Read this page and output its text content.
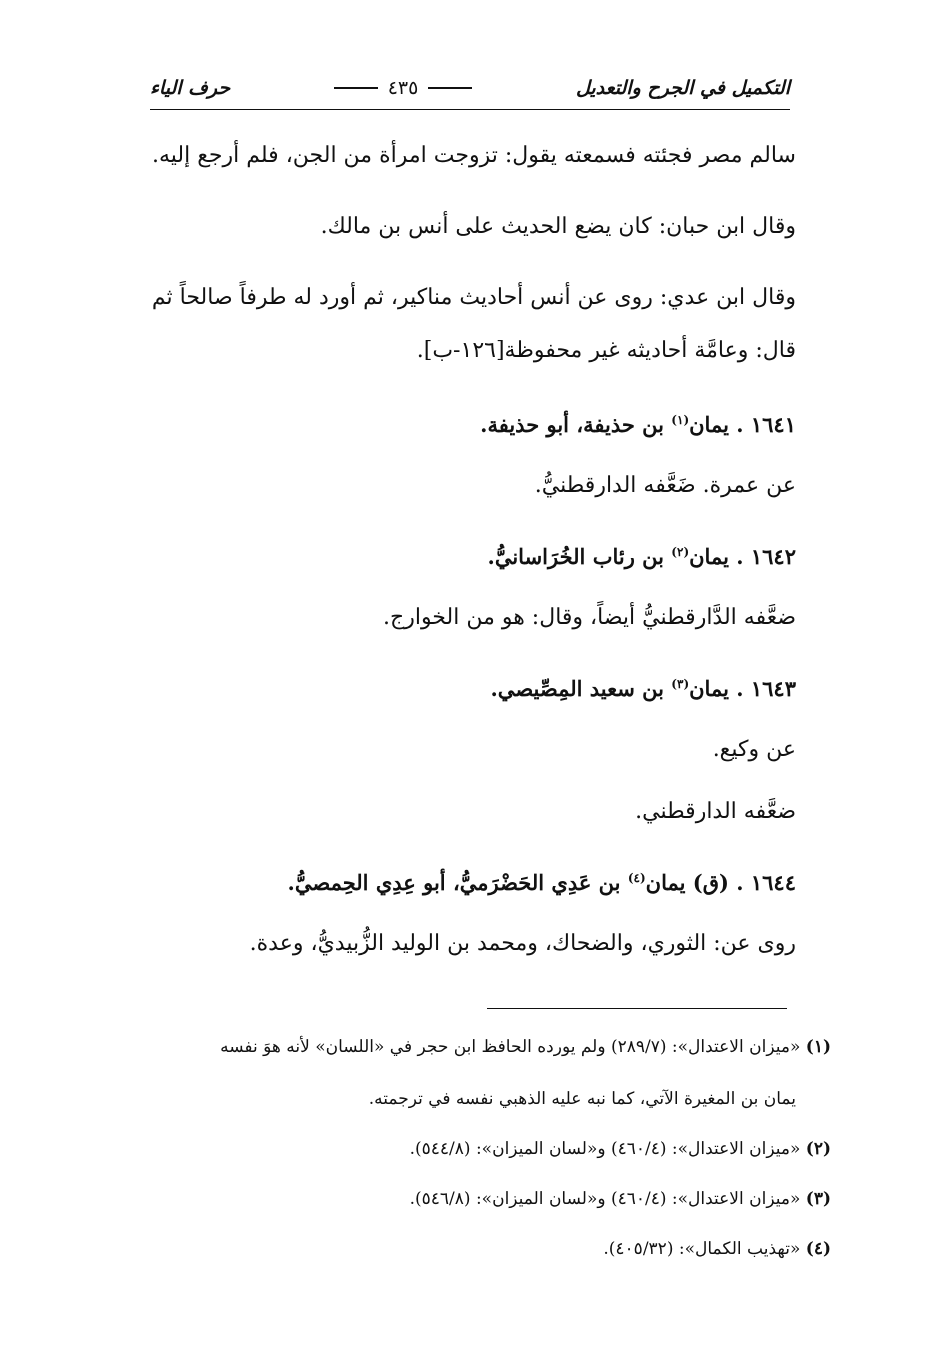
التكميل في الجرح والتعديل
٤٣٥
حرف الياء
سالم مصر فجئته فسمعته يقول: تزوجت امرأة من الجن، فلم أرجع إليه.
وقال ابن حبان: كان يضع الحديث على أنس بن مالك.
وقال ابن عدي: روى عن أنس أحاديث مناكير، ثم أورد له طرفاً صالحاً ثم
قال: وعامَّة أحاديثه غير محفوظة[١٢٦-ب].
١٦٤١ . يمان$^{(١)}$ بن حذيفة، أبو حذيفة.
عن عمرة. ضَعَّفه الدارقطنيُّ.
١٦٤٢ . يمان$^{(٢)}$ بن رئاب الخُرَاسانيُّ.
ضعَّفه الدَّارقطنيُّ أيضاً، وقال: هو من الخوارج.
١٦٤٣ . يمان$^{(٣)}$ بن سعيد المِصِّيصي.
عن وكيع.
ضعَّفه الدارقطني.
١٦٤٤ . (ق) يمان$^{(٤)}$ بن عَدِي الحَضْرَميُّ، أبو عِدِي الحِمصيُّ.
روى عن: الثوري، والضحاك، ومحمد بن الوليد الزُّبيديُّ، وعدة.
(١) «ميزان الاعتدال»: (٢٨٩/٧) ولم يورده الحافظ ابن حجر في «اللسان» لأنه هوَ نفسه
يمان بن المغيرة الآتي، كما نبه عليه الذهبي نفسه في ترجمته.
(٢) «ميزان الاعتدال»: (٤٦٠/٤) و«لسان الميزان»: (٥٤٤/٨).
(٣) «ميزان الاعتدال»: (٤٦٠/٤) و«لسان الميزان»: (٥٤٦/٨).
(٤) «تهذيب الكمال»: (٤٠٥/٣٢).
